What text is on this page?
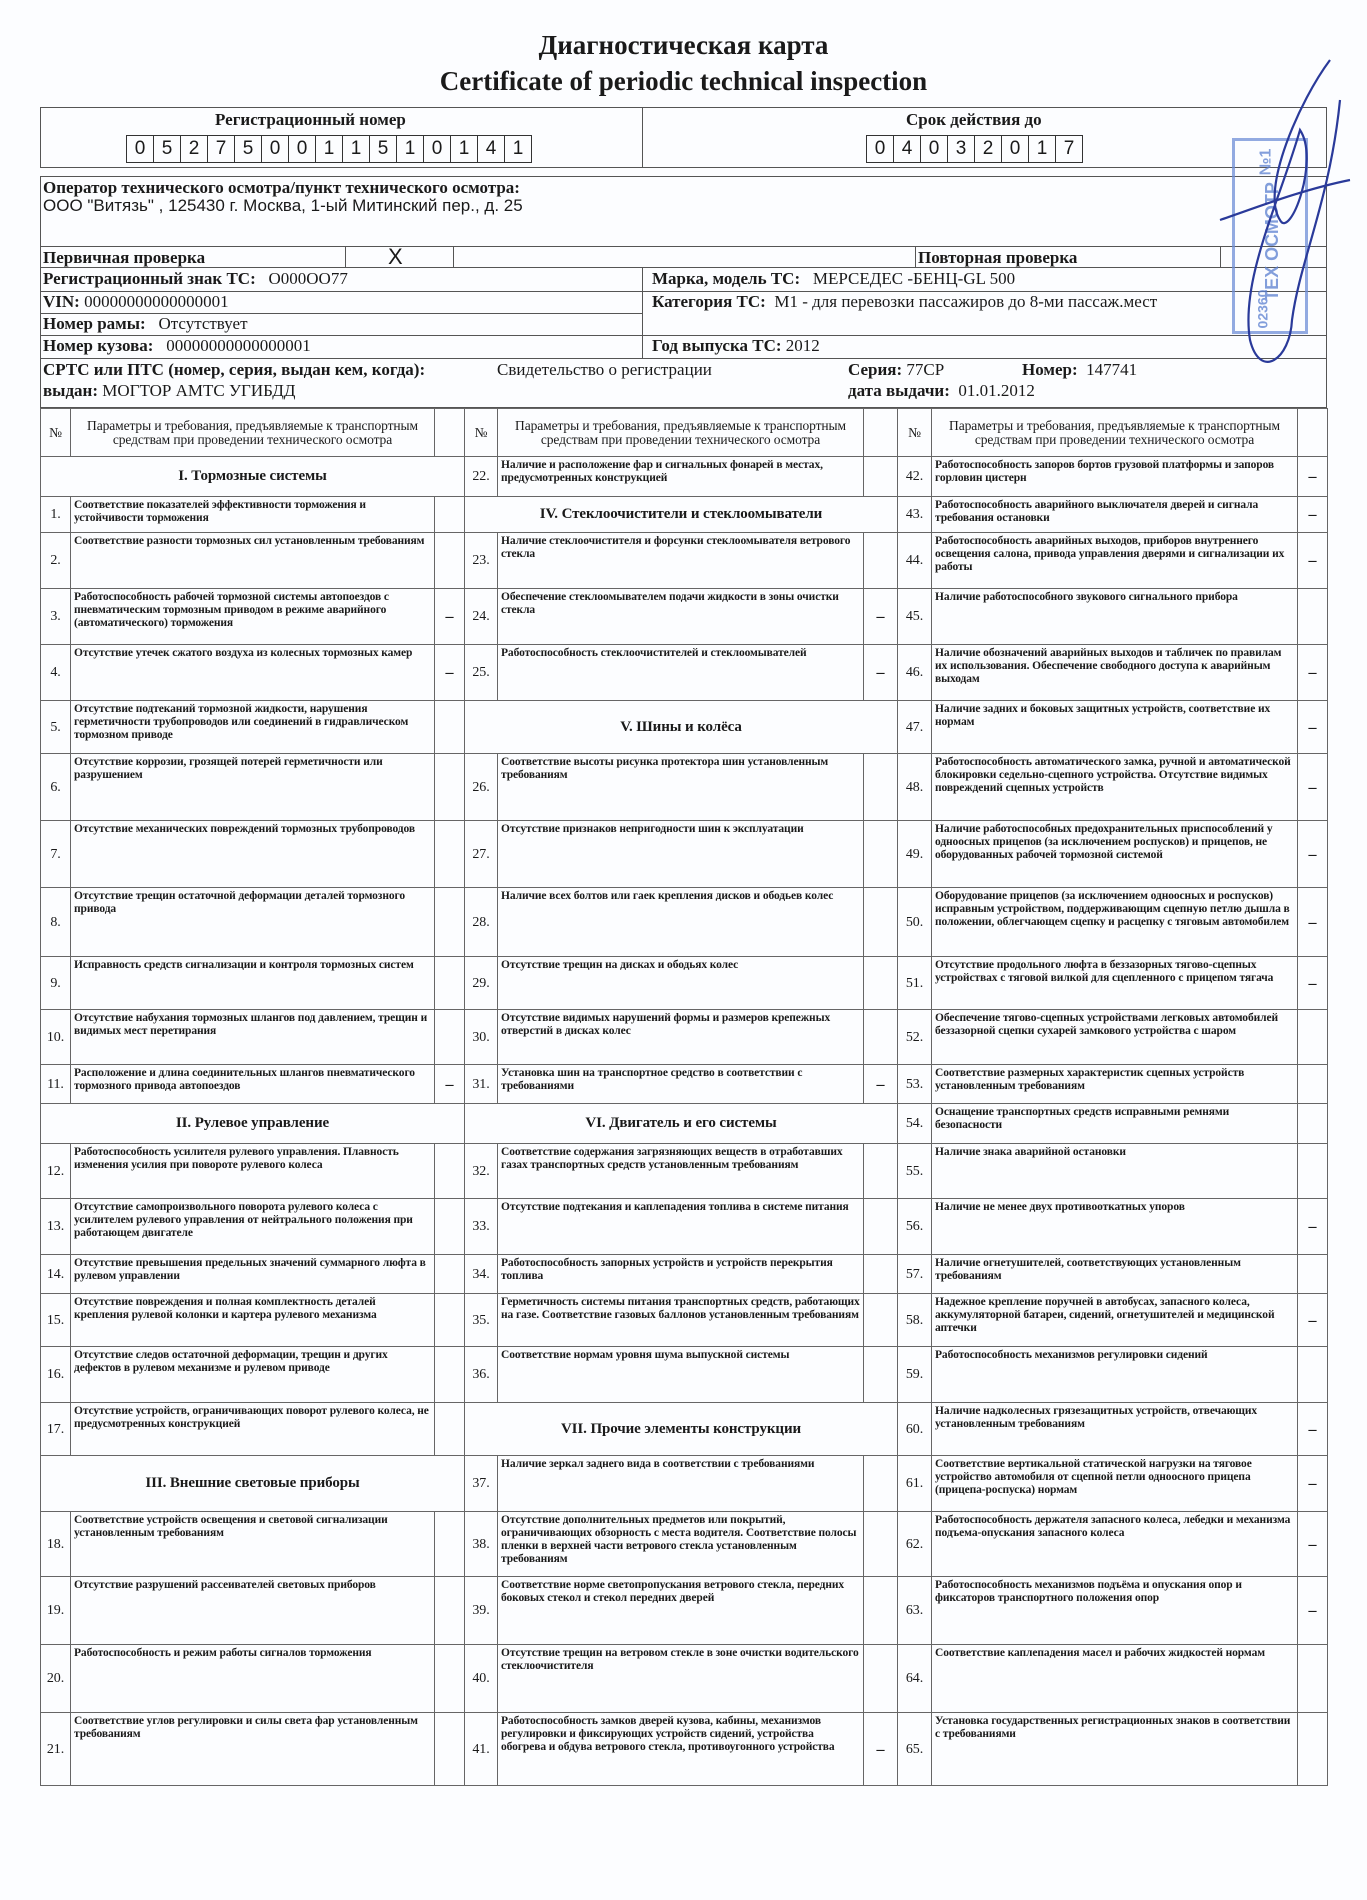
Диагностическая карта
Certificate of periodic technical inspection
Регистрационный номер
0 5 2 7 5 0 0 1 1 5 1 0 1 4 1
Срок действия до
0 4 0 3 2 0 1 7
Оператор технического осмотра/пункт технического осмотра:
ООО "Витязь" , 125430 г. Москва, 1-ый Митинский пер., д. 25
Первичная проверка	X	Повторная проверка
Регистрационный знак ТС: О000ОО77	Марка, модель ТС: МЕРСЕДЕС -БЕНЦ-GL 500
VIN: 00000000000000001	Категория ТС: М1 - для перевозки пассажиров до 8-ми пассаж.мест
Номер рамы: Отсутствует
Номер кузова: 00000000000000001	Год выпуска ТС: 2012
СРТС или ПТС (номер, серия, выдан кем, когда):	Свидетельство о регистрации	Серия: 77СР	Номер: 147741
выдан: МОГТОР АМТС УГИБДД	дата выдачи: 01.01.2012
№1
ТЕХ ОСМОТР
02360
№	Параметры и требования, предъявляемые к транспортным средствам при проведении технического осмотра		№	Параметры и требования, предъявляемые к транспортным средствам при проведении технического осмотра		№	Параметры и требования, предъявляемые к транспортным средствам при проведении технического осмотра	
I. Тормозные системы			22.	Наличие и расположение фар и сигнальных фонарей в местах, предусмотренных конструкцией		42.	Работоспособность запоров бортов грузовой платформы и запоров горловин цистерн	–
1.	Соответствие показателей эффективности торможения и устойчивости торможения		IV. Стеклоочистители и стеклоомыватели			43.	Работоспособность аварийного выключателя дверей и сигнала требования остановки	–
2.	Соответствие разности тормозных сил установленным требованиям		23.	Наличие стеклоочистителя и форсунки стеклоомывателя ветрового стекла		44.	Работоспособность аварийных выходов, приборов внутреннего освещения салона, привода управления дверями и сигнализации их работы	–
3.	Работоспособность рабочей тормозной системы автопоездов с пневматическим тормозным приводом в режиме аварийного (автоматического) торможения	–	24.	Обеспечение стеклоомывателем подачи жидкости в зоны очистки стекла	–	45.	Наличие работоспособного звукового сигнального прибора	
4.	Отсутствие утечек сжатого воздуха из колесных тормозных камер	–	25.	Работоспособность стеклоочистителей и стеклоомывателей	–	46.	Наличие обозначений аварийных выходов и табличек по правилам их использования. Обеспечение свободного доступа к аварийным выходам	–
5.	Отсутствие подтеканий тормозной жидкости, нарушения герметичности трубопроводов или соединений в гидравлическом тормозном приводе		V. Шины и колёса			47.	Наличие задних и боковых защитных устройств, соответствие их нормам	–
6.	Отсутствие коррозии, грозящей потерей герметичности или разрушением		26.	Соответствие высоты рисунка протектора шин установленным требованиям		48.	Работоспособность автоматического замка, ручной и автоматической блокировки седельно-сцепного устройства. Отсутствие видимых повреждений сцепных устройств	–
7.	Отсутствие механических повреждений тормозных трубопроводов		27.	Отсутствие признаков непригодности шин к эксплуатации		49.	Наличие работоспособных предохранительных приспособлений у одноосных прицепов (за исключением роспусков) и прицепов, не оборудованных рабочей тормозной системой	–
8.	Отсутствие трещин остаточной деформации деталей тормозного привода		28.	Наличие всех болтов или гаек крепления дисков и ободьев колес		50.	Оборудование прицепов (за исключением одноосных и роспусков) исправным устройством, поддерживающим сцепную петлю дышла в положении, облегчающем сцепку и расцепку с тяговым автомобилем	–
9.	Исправность средств сигнализации и контроля тормозных систем		29.	Отсутствие трещин на дисках и ободьях колес		51.	Отсутствие продольного люфта в беззазорных тягово-сцепных устройствах с тяговой вилкой для сцепленного с прицепом тягача	–
10.	Отсутствие набухания тормозных шлангов под давлением, трещин и видимых мест перетирания		30.	Отсутствие видимых нарушений формы и размеров крепежных отверстий в дисках колес		52.	Обеспечение тягово-сцепных устройствами легковых автомобилей беззазорной сцепки сухарей замкового устройства с шаром	
11.	Расположение и длина соединительных шлангов пневматического тормозного привода автопоездов	–	31.	Установка шин на транспортное средство в соответствии с требованиями	–	53.	Соответствие размерных характеристик сцепных устройств установленным требованиям	
II. Рулевое управление			VI. Двигатель и его системы			54.	Оснащение транспортных средств исправными ремнями безопасности	
12.	Работоспособность усилителя рулевого управления. Плавность изменения усилия при повороте рулевого колеса		32.	Соответствие содержания загрязняющих веществ в отработавших газах транспортных средств установленным требованиям		55.	Наличие знака аварийной остановки	
13.	Отсутствие самопроизвольного поворота рулевого колеса с усилителем рулевого управления от нейтрального положения при работающем двигателе		33.	Отсутствие подтекания и каплепадения топлива в системе питания		56.	Наличие не менее двух противооткатных упоров	–
14.	Отсутствие превышения предельных значений суммарного люфта в рулевом управлении		34.	Работоспособность запорных устройств и устройств перекрытия топлива		57.	Наличие огнетушителей, соответствующих установленным требованиям	
15.	Отсутствие повреждения и полная комплектность деталей крепления рулевой колонки и картера рулевого механизма		35.	Герметичность системы питания транспортных средств, работающих на газе. Соответствие газовых баллонов установленным требованиям		58.	Надежное крепление поручней в автобусах, запасного колеса, аккумуляторной батареи, сидений, огнетушителей и медицинской аптечки	–
16.	Отсутствие следов остаточной деформации, трещин и других дефектов в рулевом механизме и рулевом приводе		36.	Соответствие нормам уровня шума выпускной системы		59.	Работоспособность механизмов регулировки сидений	
17.	Отсутствие устройств, ограничивающих поворот рулевого колеса, не предусмотренных конструкцией		VII. Прочие элементы конструкции			60.	Наличие надколесных грязезащитных устройств, отвечающих установленным требованиям	–
III. Внешние световые приборы			37.	Наличие зеркал заднего вида в соответствии с требованиями		61.	Соответствие вертикальной статической нагрузки на тяговое устройство автомобиля от сцепной петли одноосного прицепа (прицепа-роспуска) нормам	–
18.	Соответствие устройств освещения и световой сигнализации установленным требованиям		38.	Отсутствие дополнительных предметов или покрытий, ограничивающих обзорность с места водителя. Соответствие полосы пленки в верхней части ветрового стекла установленным требованиям		62.	Работоспособность держателя запасного колеса, лебедки и механизма подъема-опускания запасного колеса	–
19.	Отсутствие разрушений рассеивателей световых приборов		39.	Соответствие норме светопропускания ветрового стекла, передних боковых стекол и стекол передних дверей		63.	Работоспособность механизмов подъёма и опускания опор и фиксаторов транспортного положения опор	–
20.	Работоспособность и режим работы сигналов торможения		40.	Отсутствие трещин на ветровом стекле в зоне очистки водительского стеклоочистителя		64.	Соответствие каплепадения масел и рабочих жидкостей нормам	
21.	Соответствие углов регулировки и силы света фар установленным требованиям		41.	Работоспособность замков дверей кузова, кабины, механизмов регулировки и фиксирующих устройств сидений, устройства обогрева и обдува ветрового стекла, противоугонного устройства	–	65.	Установка государственных регистрационных знаков в соответствии с требованиями	
